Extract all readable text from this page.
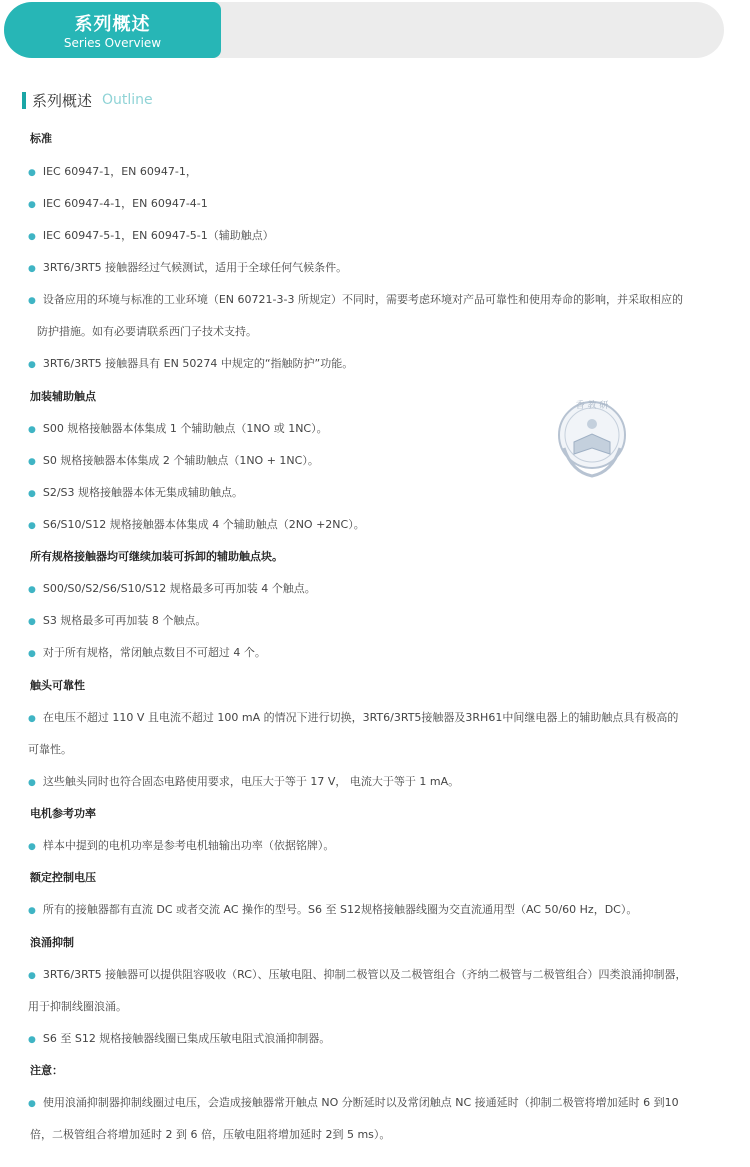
系列概述
Series Overview
系列概述 Outline
标准
● IEC 60947-1，EN 60947-1，
● IEC 60947-4-1，EN 60947-4-1
● IEC 60947-5-1，EN 60947-5-1（辅助触点）
● 3RT6/3RT5 接触器经过气候测试，适用于全球任何气候条件。
● 设备应用的环境与标准的工业环境（EN 60721-3-3 所规定）不同时，需要考虑环境对产品可靠性和使用寿命的影响，并采取相应的
防护措施。如有必要请联系西门子技术支持。
● 3RT6/3RT5 接触器具有 EN 50274 中规定的“指触防护”功能。
加装辅助触点
● S00 规格接触器本体集成 1 个辅助触点（1NO 或 1NC）。
● S0 规格接触器本体集成 2 个辅助触点（1NO + 1NC）。
● S2/S3 规格接触器本体无集成辅助触点。
● S6/S10/S12 规格接触器本体集成 4 个辅助触点（2NO +2NC）。
所有规格接触器均可继续加装可拆卸的辅助触点块。
● S00/S0/S2/S6/S10/S12 规格最多可再加装 4 个触点。
● S3 规格最多可再加装 8 个触点。
● 对于所有规格，常闭触点数目不可超过 4 个。
触头可靠性
● 在电压不超过 110 V 且电流不超过 100 mA 的情况下进行切换，3RT6/3RT5接触器及3RH61中间继电器上的辅助触点具有极高的
可靠性。
● 这些触头同时也符合固态电路使用要求，电压大于等于 17 V， 电流大于等于 1 mA。
电机参考功率
● 样本中提到的电机功率是参考电机轴输出功率（依据铭牌）。
额定控制电压
● 所有的接触器都有直流 DC 或者交流 AC 操作的型号。S6 至 S12规格接触器线圈为交直流通用型（AC 50/60 Hz，DC）。
浪涌抑制
● 3RT6/3RT5 接触器可以提供阻容吸收（RC）、压敏电阻、抑制二极管以及二极管组合（齐纳二极管与二极管组合）四类浪涌抑制器，
用于抑制线圈浪涌。
● S6 至 S12 规格接触器线圈已集成压敏电阻式浪涌抑制器。
注意：
● 使用浪涌抑制器抑制线圈过电压，会造成接触器常开触点 NO 分断延时以及常闭触点 NC 接通延时（抑制二极管将增加延时 6 到10
倍，二极管组合将增加延时 2 到 6 倍，压敏电阻将增加延时 2到 5 ms）。
香 教 研
